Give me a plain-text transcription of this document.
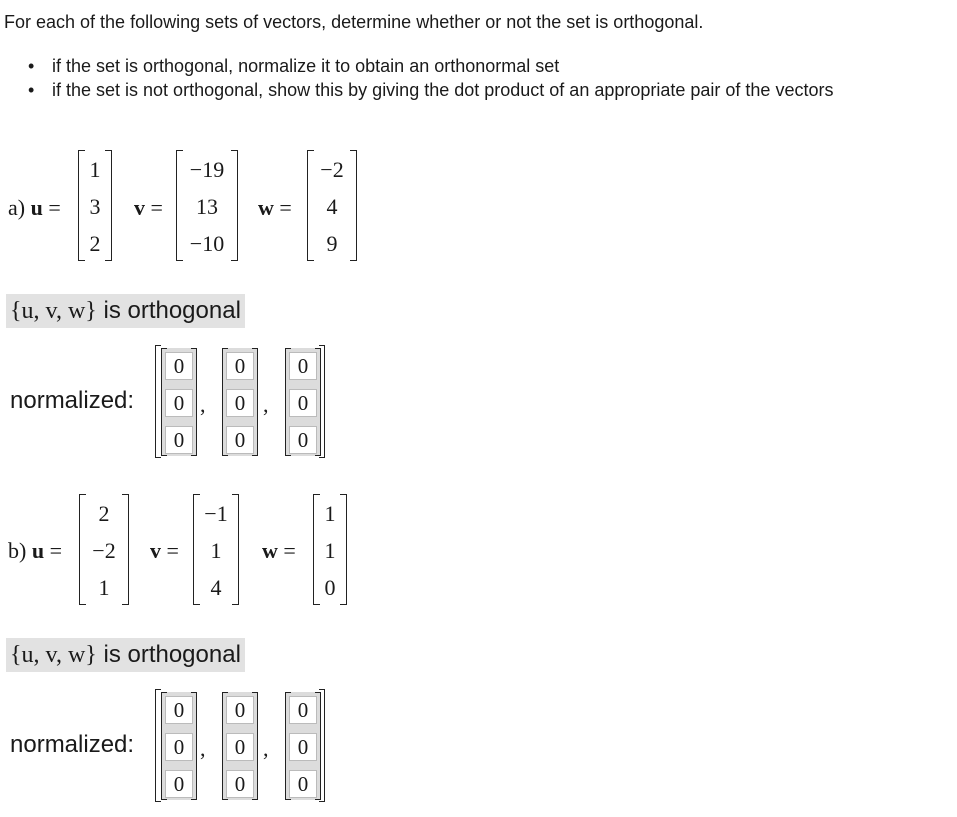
For each of the following sets of vectors, determine whether or not the set is orthogonal.
• if the set is orthogonal, normalize it to obtain an orthonormal set
• if the set is not orthogonal, show this by giving the dot product of an appropriate pair of the vectors
a) u =
1
3
2
v =
−19
13
−10
w =
−2
4
9
{u, v, w} is orthogonal
normalized:
0
0
0
,
0
0
0
,
0
0
0
b) u =
2
−2
1
v =
−1
1
4
w =
1
1
0
{u, v, w} is orthogonal
normalized:
0
0
0
,
0
0
0
,
0
0
0
